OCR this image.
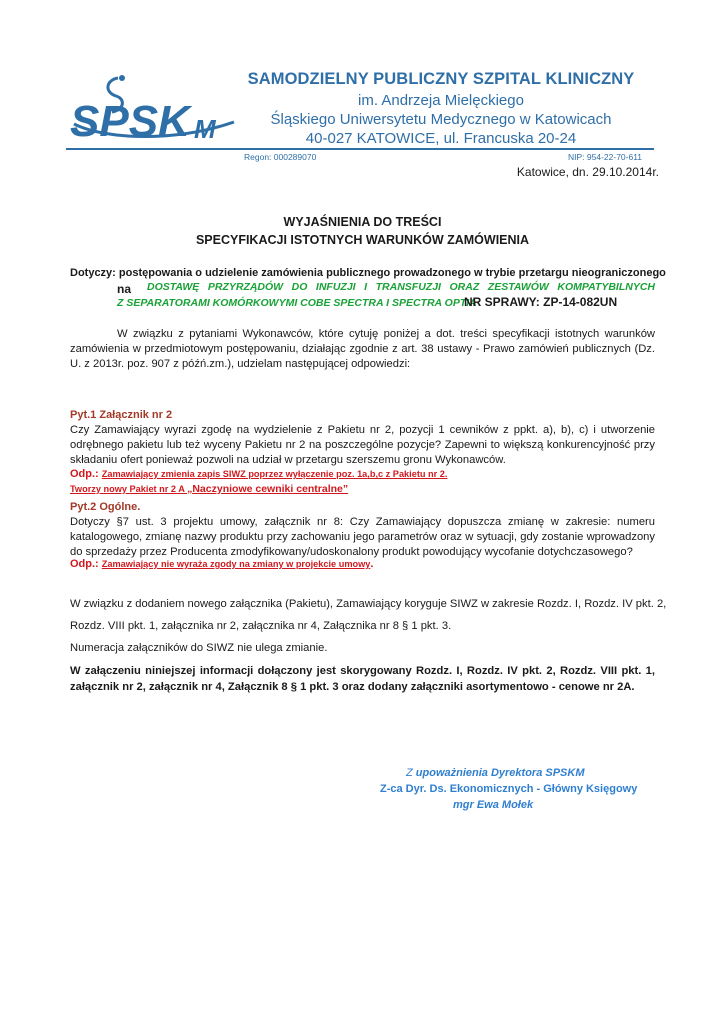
SPSK M
SAMODZIELNY PUBLICZNY SZPITAL KLINICZNY
im. Andrzeja Mielęckiego
Śląskiego Uniwersytetu Medycznego w Katowicach
40-027 KATOWICE, ul. Francuska 20-24
Regon: 000289070	NIP: 954-22-70-611
Katowice, dn. 29.10.2014r.
WYJAŚNIENIA DO TREŚCI
SPECYFIKACJI ISTOTNYCH WARUNKÓW ZAMÓWIENIA
Dotyczy: postępowania o udzielenie zamówienia publicznego prowadzonego w trybie przetargu nieograniczonego
na DOSTAWĘ PRZYRZĄDÓW DO INFUZJI I TRANSFUZJI ORAZ ZESTAWÓW KOMPATYBILNYCH
Z SEPARATORAMI KOMÓRKOWYMI COBE SPECTRA I SPECTRA OPTIA
NR SPRAWY: ZP-14-082UN
W związku z pytaniami Wykonawców, które cytuję poniżej a dot. treści specyfikacji istotnych warunków zamówienia w przedmiotowym postępowaniu, działając zgodnie z art. 38 ustawy - Prawo zamówień publicznych (Dz. U. z 2013r. poz. 907 z późń.zm.), udzielam następującej odpowiedzi:
Pyt.1 Załącznik nr 2
Czy Zamawiający wyrazi zgodę na wydzielenie z Pakietu nr 2, pozycji 1 cewników z ppkt. a), b), c) i utworzenie odrębnego pakietu lub też wyceny Pakietu nr 2 na poszczególne pozycje? Zapewni to większą konkurencyjność przy składaniu ofert ponieważ pozwoli na udział w przetargu szerszemu gronu Wykonawców.
Odp.: Zamawiający zmienia zapis SIWZ poprzez wyłączenie poz. 1a,b,c z Pakietu nr 2.
Tworzy nowy Pakiet nr 2 A „Naczyniowe cewniki centralne”
Pyt.2 Ogólne.
Dotyczy §7 ust. 3 projektu umowy, załącznik nr 8: Czy Zamawiający dopuszcza zmianę w zakresie: numeru katalogowego, zmianę nazwy produktu przy zachowaniu jego parametrów oraz w sytuacji, gdy zostanie wprowadzony do sprzedaży przez Producenta zmodyfikowany/udoskonalony produkt powodujący wycofanie dotychczasowego?
Odp.: Zamawiający nie wyraża zgody na zmiany w projekcie umowy.
W związku z dodaniem nowego załącznika (Pakietu), Zamawiający koryguje SIWZ w zakresie Rozdz. I, Rozdz. IV pkt. 2,
Rozdz. VIII pkt. 1, załącznika nr 2, załącznika nr 4, Załącznika nr 8 § 1 pkt. 3.
Numeracja załączników do SIWZ nie ulega zmianie.
W załączeniu niniejszej informacji dołączony jest skorygowany Rozdz. I, Rozdz. IV pkt. 2, Rozdz. VIII pkt. 1, załącznik nr 2, załącznik nr 4, Załącznik 8 § 1 pkt. 3 oraz dodany załączniki asortymentowo - cenowe nr 2A.
Z upoważnienia Dyrektora SPSKM
Z-ca Dyr. Ds. Ekonomicznych - Główny Księgowy
mgr Ewa Mołek
